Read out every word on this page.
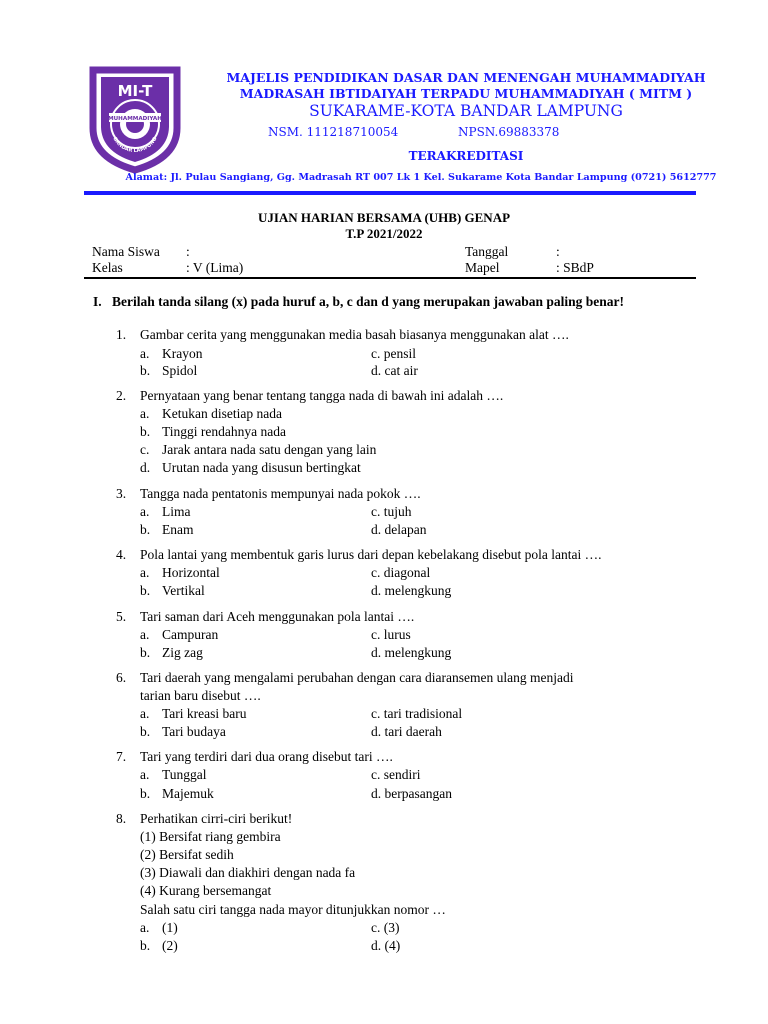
MI-T
MUHAMMADIYAH
BANDAR LAMPUNG
MAJELIS PENDIDIKAN DASAR DAN MENENGAH MUHAMMADIYAH
MADRASAH IBTIDAIYAH TERPADU MUHAMMADIYAH ( MITM )
SUKARAME-KOTA BANDAR LAMPUNG
NSM. 111218710054	NPSN.69883378
TERAKREDITASI
Alamat: Jl. Pulau Sangiang, Gg. Madrasah RT 007 Lk 1 Kel. Sukarame Kota Bandar Lampung (0721) 5612777
UJIAN HARIAN BERSAMA (UHB) GENAP
T.P 2021/2022
Nama Siswa :	Tanggal	:
Kelas	: V (Lima)	Mapel	: SBdP
I. Berilah tanda silang (x) pada huruf a, b, c dan d yang merupakan jawaban paling benar!
1. Gambar cerita yang menggunakan media basah biasanya menggunakan alat ….
a. Krayon	c. pensil
b. Spidol	d. cat air
2. Pernyataan yang benar tentang tangga nada di bawah ini adalah ….
a. Ketukan disetiap nada
b. Tinggi rendahnya nada
c. Jarak antara nada satu dengan yang lain
d. Urutan nada yang disusun bertingkat
3. Tangga nada pentatonis mempunyai nada pokok ….
a. Lima	c. tujuh
b. Enam	d. delapan
4. Pola lantai yang membentuk garis lurus dari depan kebelakang disebut pola lantai ….
a. Horizontal	c. diagonal
b. Vertikal	d. melengkung
5. Tari saman dari Aceh menggunakan pola lantai ….
a. Campuran	c. lurus
b. Zig zag	d. melengkung
6. Tari daerah yang mengalami perubahan dengan cara diaransemen ulang menjadi
tarian baru disebut ….
a. Tari kreasi baru	c. tari tradisional
b. Tari budaya	d. tari daerah
7. Tari yang terdiri dari dua orang disebut tari ….
a. Tunggal	c. sendiri
b. Majemuk	d. berpasangan
8. Perhatikan cirri-ciri berikut!
(1) Bersifat riang gembira
(2) Bersifat sedih
(3) Diawali dan diakhiri dengan nada fa
(4) Kurang bersemangat
Salah satu ciri tangga nada mayor ditunjukkan nomor …
a. (1)	c. (3)
b. (2)	d. (4)
